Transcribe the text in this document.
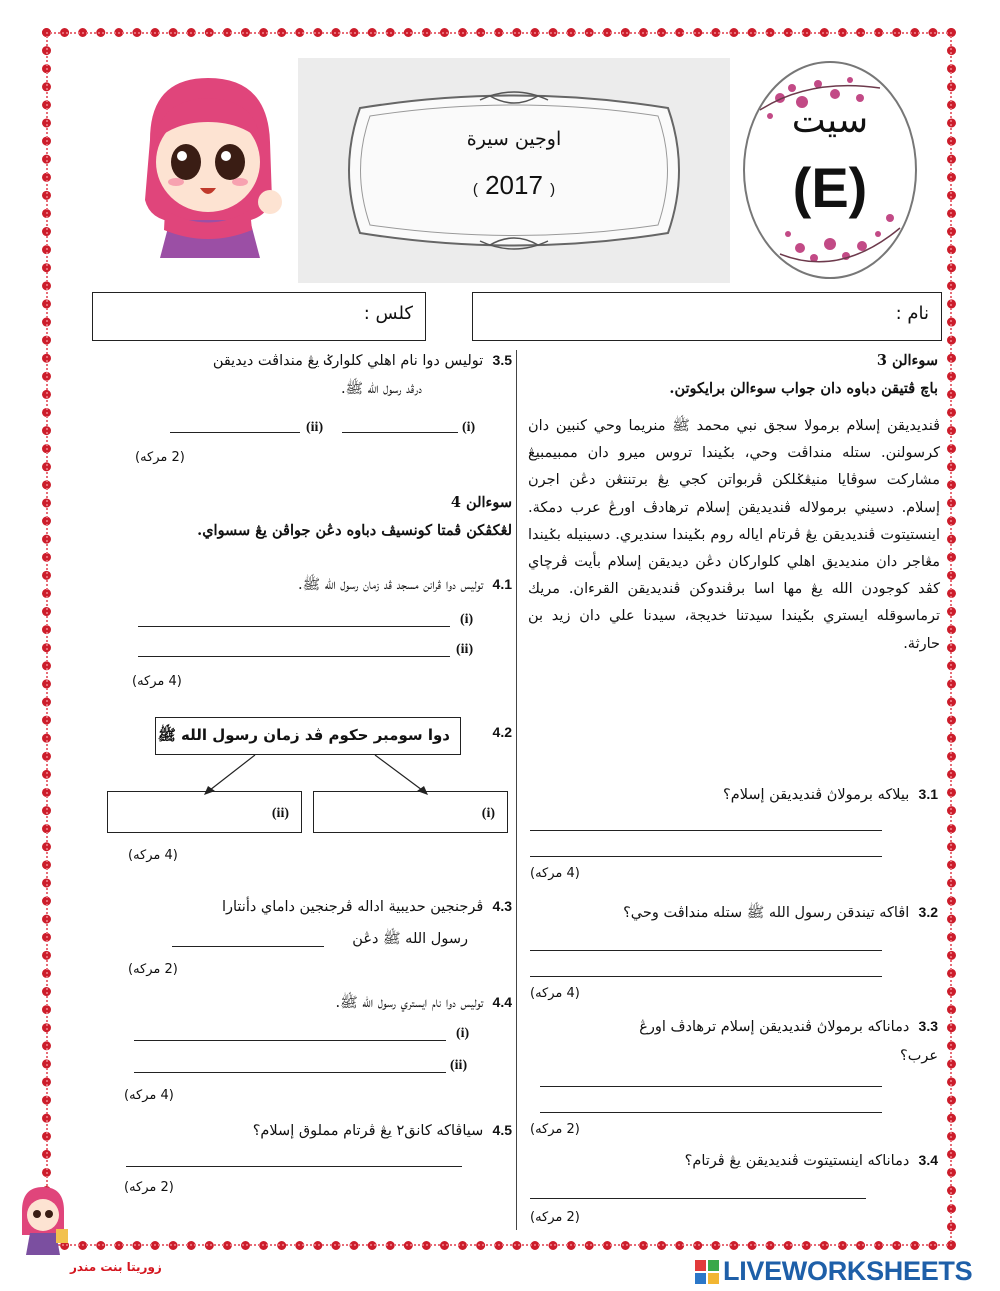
اوجين سيرة
( 2017 )
سيت
(E)
نام :
كلس :
سوءالن 3
باچ ڤتيقن دباوه دان جواب سوءالن برايكوتن.
ڤنديديقن إسلام برمولا سجق نبي محمد ﷺ منريما وحي كنبين دان كرسولنن. ستله منداڤت وحي، بݢيندا تروس ميرو دان ممبيمبيڠ مشاركت سوڤايا منيڠݢلكن ڤربواتن كجي يڠ برتنتڠن دڠن اجرن إسلام. دسيني برمولاله ڤنديديقن إسلام ترهادڤ اورڠ عرب دمكة. اينستيتوت ڤنديديقن يڠ ڤرتام اياله روم بݢيندا سنديري. دسينيله بݢيندا مڠاجر دان منديديق اهلي كلواركان دڠن ديديقن إسلام بأيت ڤرچاي كڤد كوجودن الله يڠ مها اسا برڤندوكن ڤنديديقن القرءان. مريك ترماسوقله ايستري بݢيندا سيدتنا خديجة، سيدنا علي دان زيد بن حارثة.
3.1  بيلاكه برمولاڽ ڤنديديقن إسلام؟
(4 مركه)
3.2  اڤاكه تيندقن رسول الله ﷺ ستله منداڤت وحي؟
(4 مركه)
3.3  دماناكه برمولاڽ ڤنديديقن إسلام ترهادڤ اورڠ
عرب؟
(2 مركه)
3.4  دماناكه اينستيتوت ڤنديديقن يڠ ڤرتام؟
(2 مركه)
3.5  توليس دوا نام اهلي كلوارݢ يڠ منداڤت ديديقن
درڤد رسول الله ﷺ.
(i)
(ii)
(2 مركه)
سوءالن 4
لڠكڤكن ڤمتا كونسيڤ دباوه دڠن جواڤن يڠ سسواي.
4.1  توليس دوا ڤرانن مسجد ڤد زمان رسول الله ﷺ.
(i)
(ii)
(4 مركه)
4.2
دوا سومبر حكوم ڤد زمان رسول الله ﷺ
(ii)	(i)
(4 مركه)
4.3  ڤرجنجين حديبية اداله ڤرجنجين داماي دأنتارا
رسول الله ﷺ دڠن
(2 مركه)
4.4  توليس دوا نام ايستري رسول الله ﷺ.
(i)
(ii)
(4 مركه)
4.5  سياڤاكه كانق٢ يڠ ڤرتام مملوق إسلام؟
(2 مركه)
زوريتا بنت مندر	LIVEWORKSHEETS
